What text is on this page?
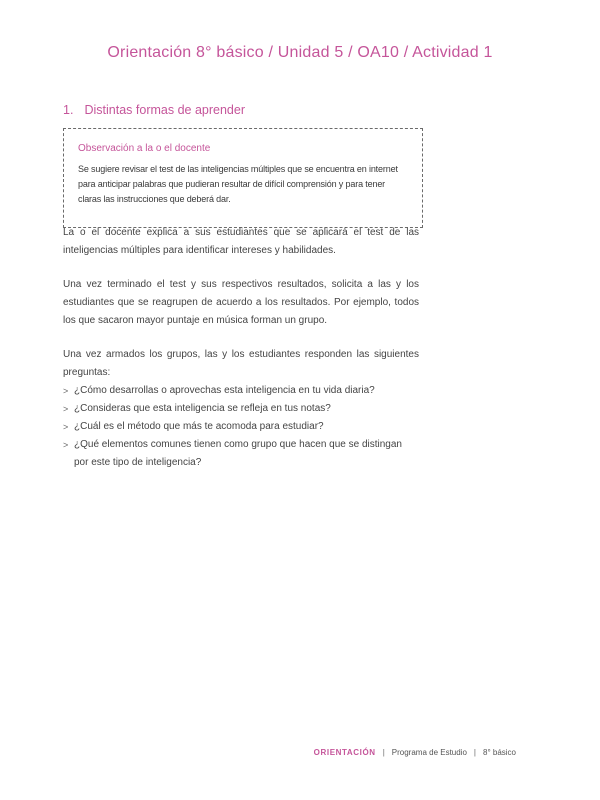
Orientación 8° básico / Unidad 5 / OA10 / Actividad 1
1. Distintas formas de aprender
Observación a la o el docente
Se sugiere revisar el test de las inteligencias múltiples que se encuentra en internet
para anticipar palabras que pudieran resultar de difícil comprensión y para tener
claras las instrucciones que deberá dar.

La o el docente explica a sus estudiantes que se aplicará el test de las inteligencias múltiples para identificar intereses y habilidades.

Una vez terminado el test y sus respectivos resultados, solicita a las y los estudiantes que se reagrupen de acuerdo a los resultados. Por ejemplo, todos los que sacaron mayor puntaje en música forman un grupo.

Una vez armados los grupos, las y los estudiantes responden las siguientes preguntas:

> ¿Cómo desarrollas o aprovechas esta inteligencia en tu vida diaria?
> ¿Consideras que esta inteligencia se refleja en tus notas?
> ¿Cuál es el método que más te acomoda para estudiar?
> ¿Qué elementos comunes tienen como grupo que hacen que se distingan por este tipo de inteligencia?
ORIENTACIÓN | Programa de Estudio | 8° básico
